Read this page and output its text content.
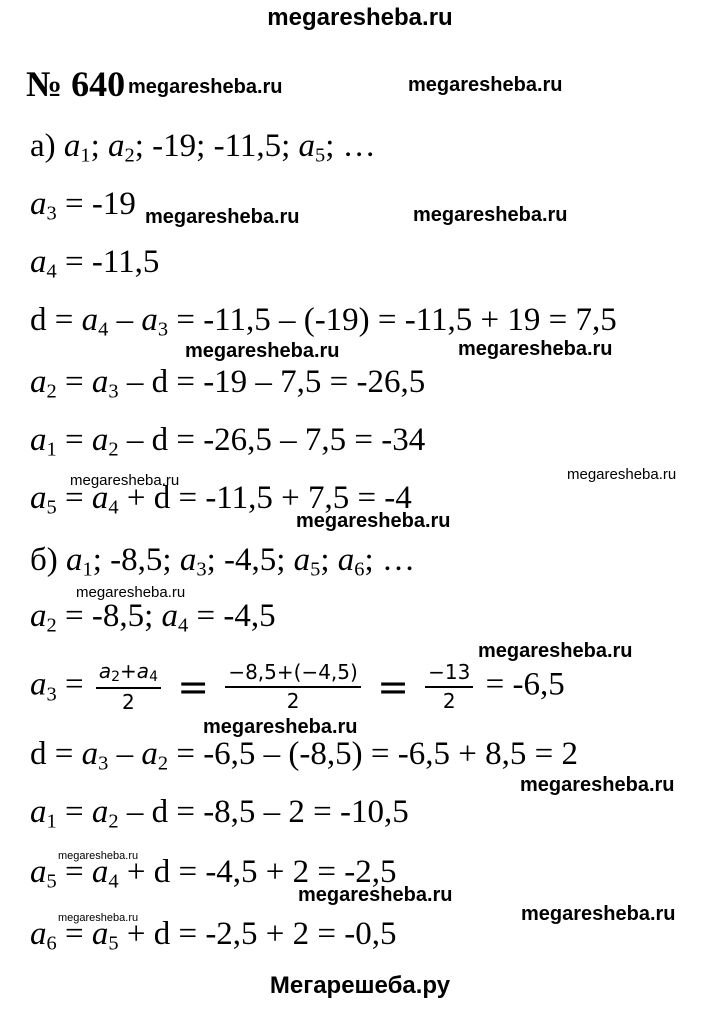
megaresheba.ru
№ 640
а) $a_1$; $a_2$; -19; -11,5; $a_5$; …
$a_3 = -19$
$a_4 = -11,5$
$d = a_4 - a_3 = -11,5 - (-19) = -11,5 + 19 = 7,5$
$a_2 = a_3 - d = -19 - 7,5 = -26,5$
$a_1 = a_2 - d = -26,5 - 7,5 = -34$
$a_5 = a_4 + d = -11,5 + 7,5 = -4$
б) $a_1$; -8,5; $a_3$; -4,5; $a_5$; $a_6$; …
$a_2 = -8,5$; $a_4 = -4,5$
$a_3 = \frac{a_2+a_4}{2} = \frac{-8,5+(-4,5)}{2} = \frac{-13}{2} = -6,5$
$d = a_3 - a_2 = -6,5 - (-8,5) = -6,5 + 8,5 = 2$
$a_1 = a_2 - d = -8,5 - 2 = -10,5$
$a_5 = a_4 + d = -4,5 + 2 = -2,5$
$a_6 = a_5 + d = -2,5 + 2 = -0,5$
megaresheba.ru	megaresheba.ru
megaresheba.ru	megaresheba.ru
megaresheba.ru	megaresheba.ru
megaresheba.ru	megaresheba.ru
megaresheba.ru
megaresheba.ru
megaresheba.ru
megaresheba.ru
megaresheba.ru
megaresheba.ru
megaresheba.ru
megaresheba.ru	megaresheba.ru
Мегарешеба.ру
